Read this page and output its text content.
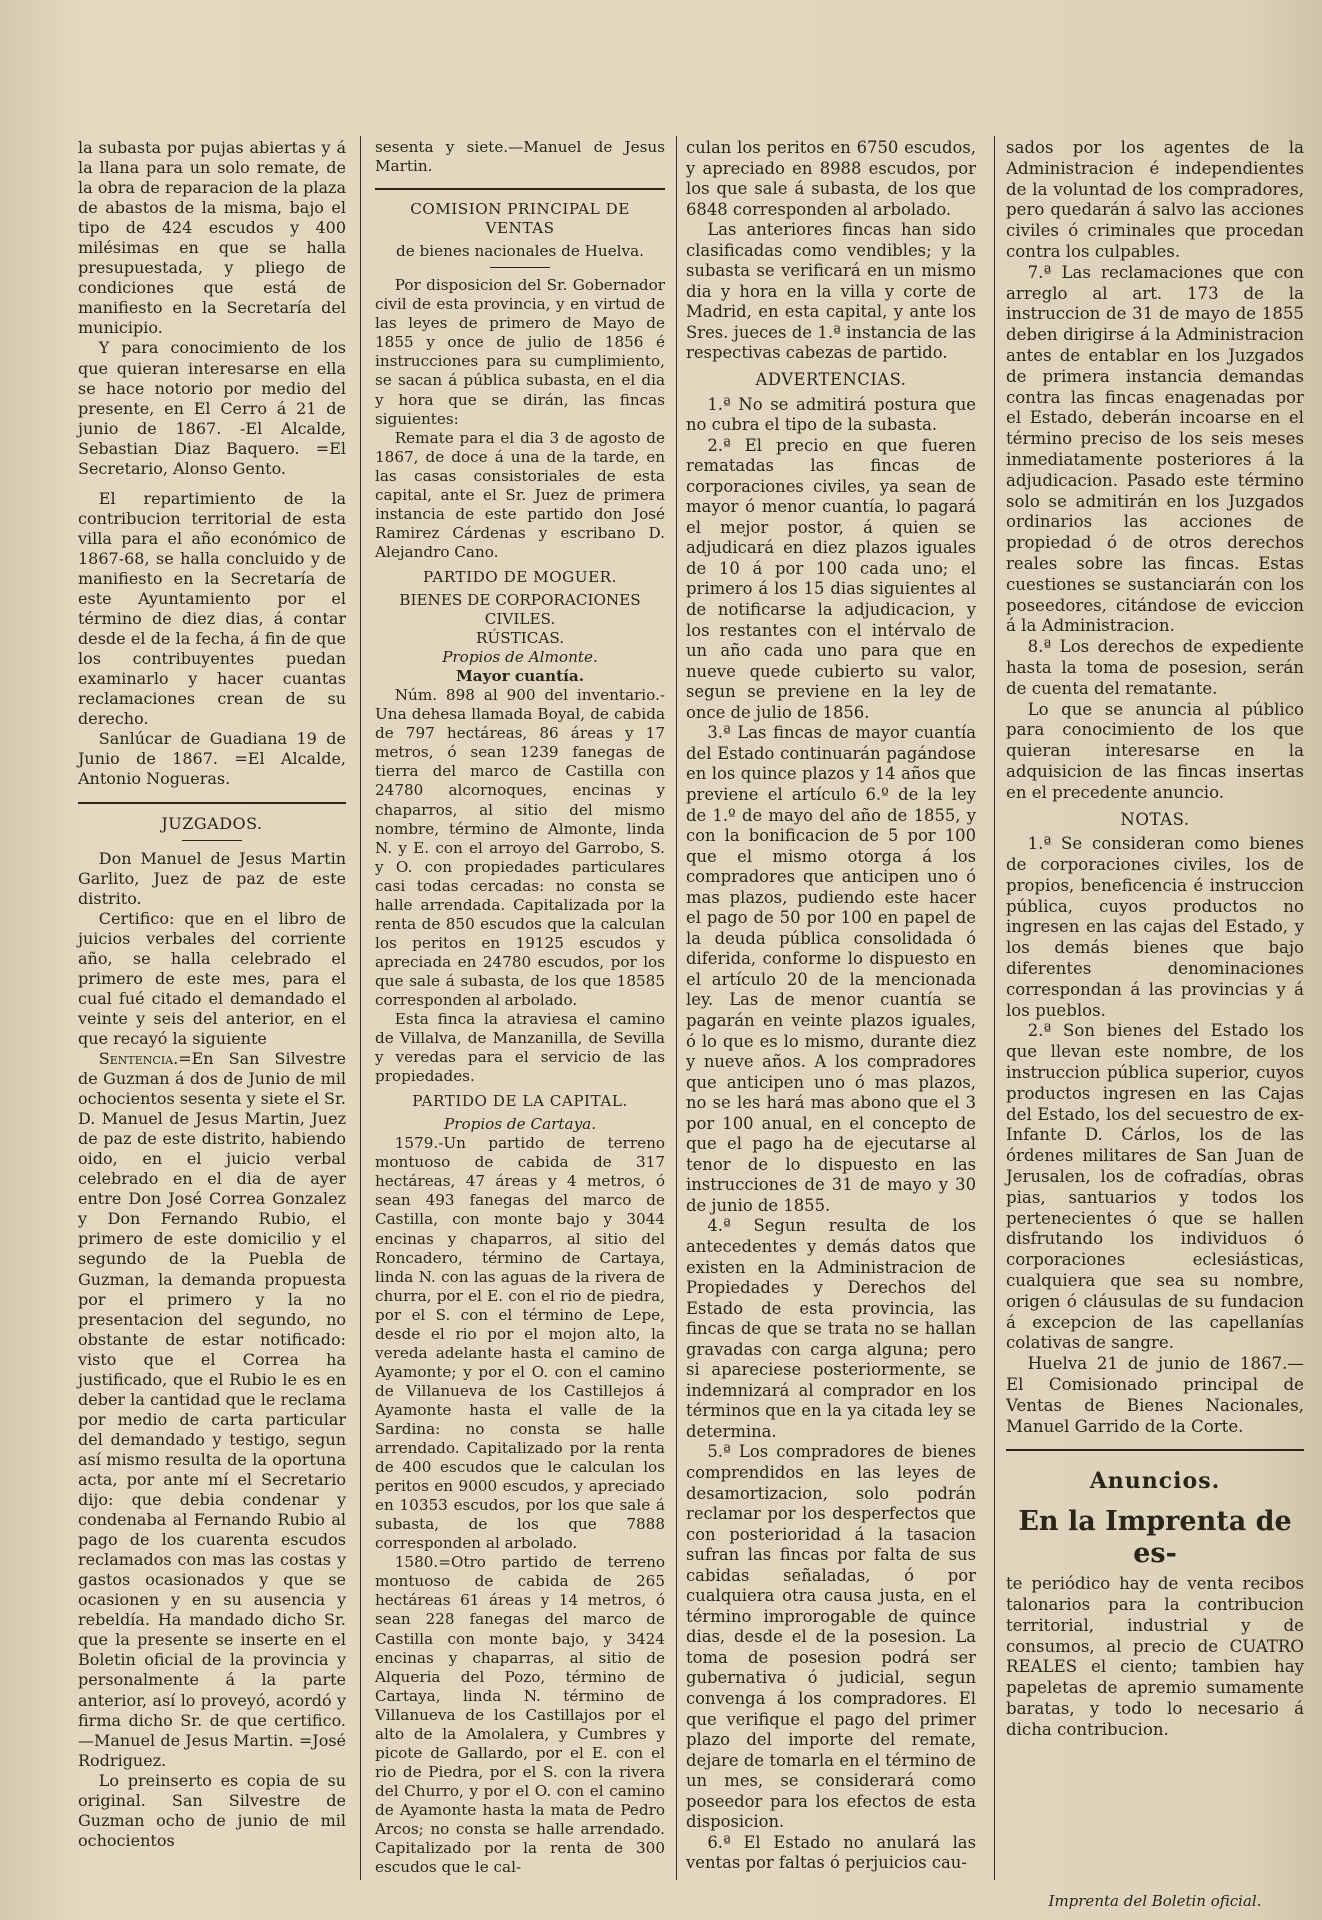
la subasta por pujas abiertas y á la llana para un solo remate, de la obra de reparacion de la plaza de abastos de la misma, bajo el tipo de 424 escudos y 400 milésimas en que se halla presupuestada, y pliego de condiciones que está de manifiesto en la Secretaría del municipio.

Y para conocimiento de los que quieran interesarse en ella se hace notorio por medio del presente, en El Cerro á 21 de junio de 1867. -El Alcalde, Sebastian Diaz Baquero. =El Secretario, Alonso Gento.

El repartimiento de la contribucion territorial de esta villa para el año económico de 1867-68, se halla concluido y de manifiesto en la Secretaría de este Ayuntamiento por el término de diez dias, á contar desde el de la fecha, á fin de que los contribuyentes puedan examinarlo y hacer cuantas reclamaciones crean de su derecho.

Sanlúcar de Guadiana 19 de Junio de 1867. =El Alcalde, Antonio Nogueras.

JUZGADOS.

Don Manuel de Jesus Martin Garlito, Juez de paz de este distrito.

Certifico: que en el libro de juicios verbales del corriente año, se halla celebrado el primero de este mes, para el cual fué citado el demandado el veinte y seis del anterior, en el que recayó la siguiente

Sentencia.=En San Silvestre de Guzman á dos de Junio de mil ochocientos sesenta y siete el Sr. D. Manuel de Jesus Martin, Juez de paz de este distrito, habiendo oido, en el juicio verbal celebrado en el dia de ayer entre Don José Correa Gonzalez y Don Fernando Rubio, el primero de este domicilio y el segundo de la Puebla de Guzman, la demanda propuesta por el primero y la no presentacion del segundo, no obstante de estar notificado: visto que el Correa ha justificado, que el Rubio le es en deber la cantidad que le reclama por medio de carta particular del demandado y testigo, segun así mismo resulta de la oportuna acta, por ante mí el Secretario dijo: que debia condenar y condenaba al Fernando Rubio al pago de los cuarenta escudos reclamados con mas las costas y gastos ocasionados y que se ocasionen y en su ausencia y rebeldía. Ha mandado dicho Sr. que la presente se inserte en el Boletin oficial de la provincia y personalmente á la parte anterior, así lo proveyó, acordó y firma dicho Sr. de que certifico.—Manuel de Jesus Martin. =José Rodriguez.

Lo preinserto es copia de su original. San Silvestre de Guzman ocho de junio de mil ochocientos

sesenta y siete.—Manuel de Jesus Martin.

COMISION PRINCIPAL DE VENTAS
de bienes nacionales de Huelva.

Por disposicion del Sr. Gobernador civil de esta provincia, y en virtud de las leyes de primero de Mayo de 1855 y once de julio de 1856 é instrucciones para su cumplimiento, se sacan á pública subasta, en el dia y hora que se dirán, las fincas siguientes:

Remate para el dia 3 de agosto de 1867, de doce á una de la tarde, en las casas consistoriales de esta capital, ante el Sr. Juez de primera instancia de este partido don José Ramirez Cárdenas y escribano D. Alejandro Cano.

PARTIDO DE MOGUER.
BIENES DE CORPORACIONES CIVILES.
RÚSTICAS.
Propios de Almonte.
Mayor cuantía.

Núm. 898 al 900 del inventario.- Una dehesa llamada Boyal, de cabida de 797 hectáreas, 86 áreas y 17 metros, ó sean 1239 fanegas de tierra del marco de Castilla con 24780 alcornoques, encinas y chaparros, al sitio del mismo nombre, término de Almonte, linda N. y E. con el arroyo del Garrobo, S. y O. con propiedades particulares casi todas cercadas: no consta se halle arrendada. Capitalizada por la renta de 850 escudos que la calculan los peritos en 19125 escudos y apreciada en 24780 escudos, por los que sale á subasta, de los que 18585 corresponden al arbolado.

Esta finca la atraviesa el camino de Villalva, de Manzanilla, de Sevilla y veredas para el servicio de las propiedades.

PARTIDO DE LA CAPITAL.
Propios de Cartaya.

1579.-Un partido de terreno montuoso de cabida de 317 hectáreas, 47 áreas y 4 metros, ó sean 493 fanegas del marco de Castilla, con monte bajo y 3044 encinas y chaparros, al sitio del Roncadero, término de Cartaya, linda N. con las aguas de la rivera de churra, por el E. con el rio de piedra, por el S. con el término de Lepe, desde el rio por el mojon alto, la vereda adelante hasta el camino de Ayamonte; y por el O. con el camino de Villanueva de los Castillejos á Ayamonte hasta el valle de la Sardina: no consta se halle arrendado. Capitalizado por la renta de 400 escudos que le calculan los peritos en 9000 escudos, y apreciado en 10353 escudos, por los que sale á subasta, de los que 7888 corresponden al arbolado.

1580.=Otro partido de terreno montuoso de cabida de 265 hectáreas 61 áreas y 14 metros, ó sean 228 fanegas del marco de Castilla con monte bajo, y 3424 encinas y chaparras, al sitio de Alqueria del Pozo, término de Cartaya, linda N. término de Villanueva de los Castillajos por el alto de la Amolalera, y Cumbres y picote de Gallardo, por el E. con el rio de Piedra, por el S. con la rivera del Churro, y por el O. con el camino de Ayamonte hasta la mata de Pedro Arcos; no consta se halle arrendado. Capitalizado por la renta de 300 escudos que le cal-

culan los peritos en 6750 escudos, y apreciado en 8988 escudos, por los que sale á subasta, de los que 6848 corresponden al arbolado.

Las anteriores fincas han sido clasificadas como vendibles; y la subasta se verificará en un mismo dia y hora en la villa y corte de Madrid, en esta capital, y ante los Sres. jueces de 1.ª instancia de las respectivas cabezas de partido.

ADVERTENCIAS.

1.ª No se admitirá postura que no cubra el tipo de la subasta.

2.ª El precio en que fueren rematadas las fincas de corporaciones civiles, ya sean de mayor ó menor cuantía, lo pagará el mejor postor, á quien se adjudicará en diez plazos iguales de 10 á por 100 cada uno; el primero á los 15 dias siguientes al de notificarse la adjudicacion, y los restantes con el intérvalo de un año cada uno para que en nueve quede cubierto su valor, segun se previene en la ley de once de julio de 1856.

3.ª Las fincas de mayor cuantía del Estado continuarán pagándose en los quince plazos y 14 años que previene el artículo 6.º de la ley de 1.º de mayo del año de 1855, y con la bonificacion de 5 por 100 que el mismo otorga á los compradores que anticipen uno ó mas plazos, pudiendo este hacer el pago de 50 por 100 en papel de la deuda pública consolidada ó diferida, conforme lo dispuesto en el artículo 20 de la mencionada ley. Las de menor cuantía se pagarán en veinte plazos iguales, ó lo que es lo mismo, durante diez y nueve años. A los compradores que anticipen uno ó mas plazos, no se les hará mas abono que el 3 por 100 anual, en el concepto de que el pago ha de ejecutarse al tenor de lo dispuesto en las instrucciones de 31 de mayo y 30 de junio de 1855.

4.ª Segun resulta de los antecedentes y demás datos que existen en la Administracion de Propiedades y Derechos del Estado de esta provincia, las fincas de que se trata no se hallan gravadas con carga alguna; pero si apareciese posteriormente, se indemnizará al comprador en los términos que en la ya citada ley se determina.

5.ª Los compradores de bienes comprendidos en las leyes de desamortizacion, solo podrán reclamar por los desperfectos que con posterioridad á la tasacion sufran las fincas por falta de sus cabidas señaladas, ó por cualquiera otra causa justa, en el término improrogable de quince dias, desde el de la posesion. La toma de posesion podrá ser gubernativa ó judicial, segun convenga á los compradores. El que verifique el pago del primer plazo del importe del remate, dejare de tomarla en el término de un mes, se considerará como poseedor para los efectos de esta disposicion.

6.ª El Estado no anulará las ventas por faltas ó perjuicios cau-

sados por los agentes de la Administracion é independientes de la voluntad de los compradores, pero quedarán á salvo las acciones civiles ó criminales que procedan contra los culpables.

7.ª Las reclamaciones que con arreglo al art. 173 de la instruccion de 31 de mayo de 1855 deben dirigirse á la Administracion antes de entablar en los Juzgados de primera instancia demandas contra las fincas enagenadas por el Estado, deberán incoarse en el término preciso de los seis meses inmediatamente posteriores á la adjudicacion. Pasado este término solo se admitirán en los Juzgados ordinarios las acciones de propiedad ó de otros derechos reales sobre las fincas. Estas cuestiones se sustanciarán con los poseedores, citándose de eviccion á la Administracion.

8.ª Los derechos de expediente hasta la toma de posesion, serán de cuenta del rematante.

Lo que se anuncia al público para conocimiento de los que quieran interesarse en la adquisicion de las fincas insertas en el precedente anuncio.

NOTAS.

1.ª Se consideran como bienes de corporaciones civiles, los de propios, beneficencia é instruccion pública, cuyos productos no ingresen en las cajas del Estado, y los demás bienes que bajo diferentes denominaciones correspondan á las provincias y á los pueblos.

2.ª Son bienes del Estado los que llevan este nombre, de los instruccion pública superior, cuyos productos ingresen en las Cajas del Estado, los del secuestro de ex-Infante D. Cárlos, los de las órdenes militares de San Juan de Jerusalen, los de cofradías, obras pias, santuarios y todos los pertenecientes ó que se hallen disfrutando los individuos ó corporaciones eclesiásticas, cualquiera que sea su nombre, origen ó cláusulas de su fundacion á excepcion de las capellanías colativas de sangre.

Huelva 21 de junio de 1867.— El Comisionado principal de Ventas de Bienes Nacionales, Manuel Garrido de la Corte.

Anuncios.
En la Imprenta de es-

te periódico hay de venta recibos talonarios para la contribucion territorial, industrial y de consumos, al precio de CUATRO REALES el ciento; tambien hay papeletas de apremio sumamente baratas, y todo lo necesario á dicha contribucion.

Imprenta del Boletin oficial.
